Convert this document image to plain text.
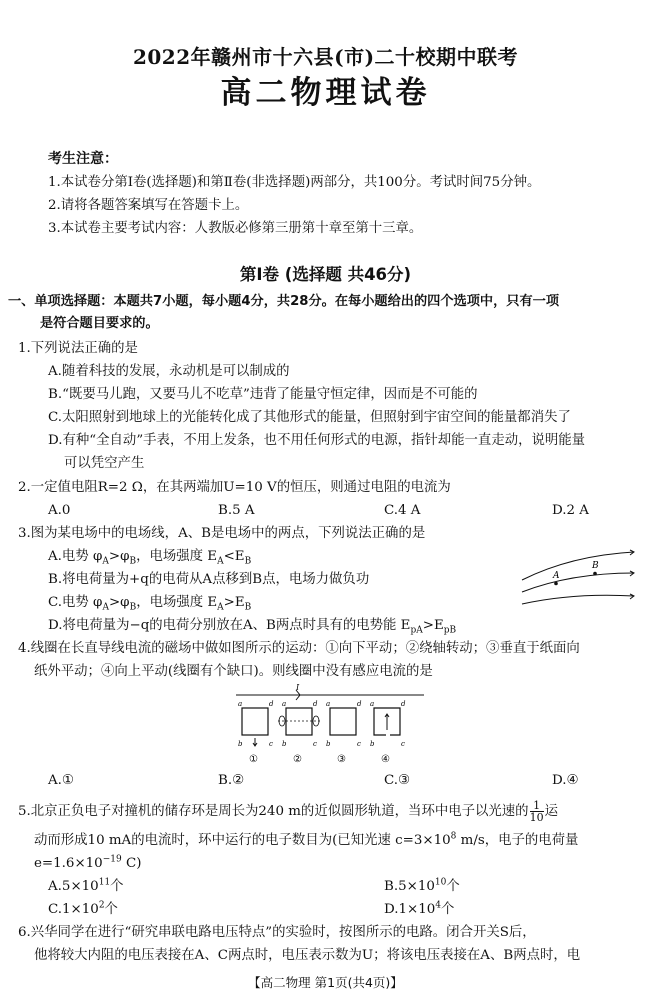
2022年赣州市十六县(市)二十校期中联考
高二物理试卷
考生注意：
1.本试卷分第Ⅰ卷(选择题)和第Ⅱ卷(非选择题)两部分，共100分。考试时间75分钟。
2.请将各题答案填写在答题卡上。
3.本试卷主要考试内容：人教版必修第三册第十章至第十三章。
第Ⅰ卷 (选择题 共46分)
一、单项选择题：本题共7小题，每小题4分，共28分。在每小题给出的四个选项中，只有一项
是符合题目要求的。
1.下列说法正确的是
A.随着科技的发展，永动机是可以制成的
B.“既要马儿跑，又要马儿不吃草”违背了能量守恒定律，因而是不可能的
C.太阳照射到地球上的光能转化成了其他形式的能量，但照射到宇宙空间的能量都消失了
D.有种“全自动”手表，不用上发条，也不用任何形式的电源，指针却能一直走动，说明能量
可以凭空产生
2.一定值电阻R=2 Ω，在其两端加U=10 V的恒压，则通过电阻的电流为
A.0	B.5 A	C.4 A	D.2 A
3.图为某电场中的电场线，A、B是电场中的两点，下列说法正确的是
A.电势 $\varphi_A>\varphi_B$，电场强度 $E_A<E_B$
B.将电荷量为+q的电荷从A点移到B点，电场力做负功
C.电势 $\varphi_A>\varphi_B$，电场强度 $E_A>E_B$
D.将电荷量为−q的电荷分别放在A、B两点时具有的电势能 $E_{pA}>E_{pB}$
A
B
4.线圈在长直导线电流的磁场中做如图所示的运动：①向下平动；②绕轴转动；③垂直于纸面向
纸外平动；④向上平动(线圈有个缺口)。则线圈中没有感应电流的是
I
a	d
b	c
a	d
b	c
a	d
b	c
a	d
b	c
①	②	③	④
A.①	B.②	C.③	D.④
5.北京正负电子对撞机的储存环是周长为240 m的近似圆形轨道，当环中电子以光速的 $\frac{1}{10}$ 运
动而形成10 mA的电流时，环中运行的电子数目为(已知光速 $c=3\times 10^8$ m/s，电子的电荷量
$e=1.6\times 10^{-19}$ C)
$A.5\times 10^{11}$个	$B.5\times 10^{10}$个
$C.1\times 10^2$个	$D.1\times 10^4$个
6.兴华同学在进行“研究串联电路电压特点”的实验时，按图所示的电路。闭合开关S后，
他将较大内阻的电压表接在A、C两点时，电压表示数为U；将该电压表接在A、B两点时，电
【高二物理 第1页(共4页)】
